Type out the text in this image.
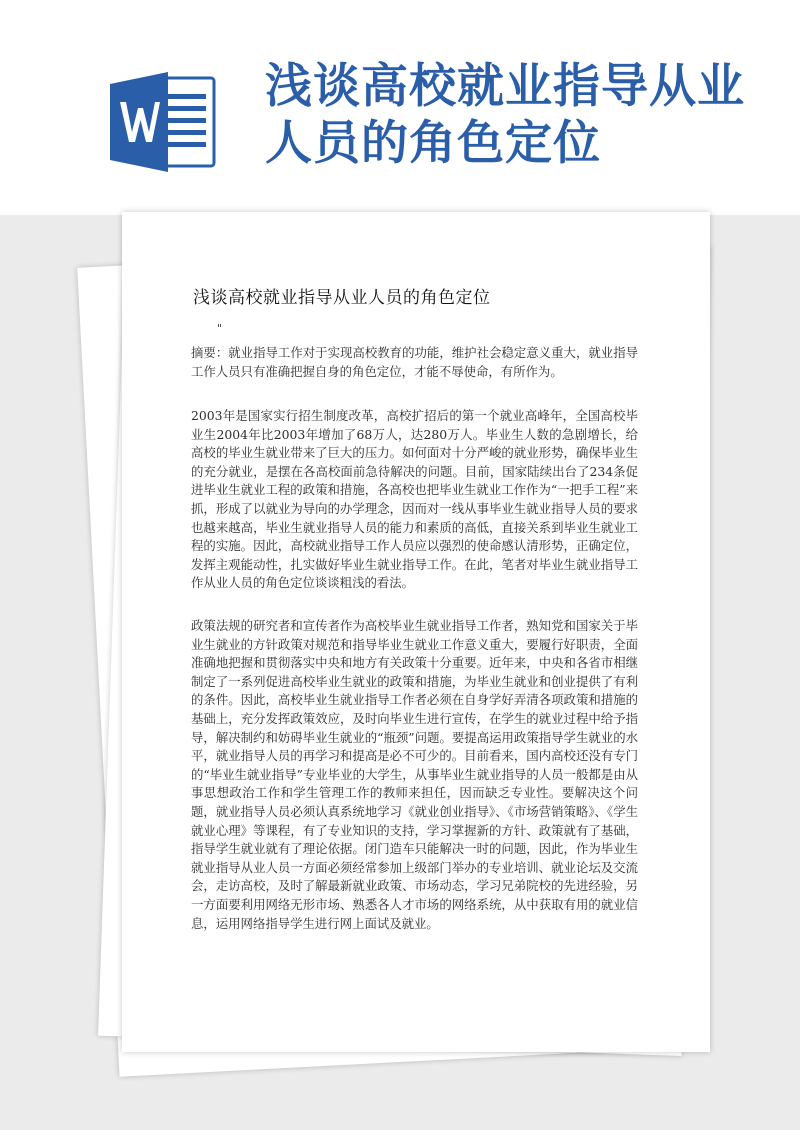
浅谈高校就业指导从业
人员的角色定位
浅谈高校就业指导从业人员的角色定位
"

摘要：就业指导工作对于实现高校教育的功能，维护社会稳定意义重大，就业指导工作人员只有准确把握自身的角色定位，才能不辱使命，有所作为。

2003年是国家实行招生制度改革，高校扩招后的第一个就业高峰年，全国高校毕业生2004年比2003年增加了68万人，达280万人。毕业生人数的急剧增长，给高校的毕业生就业带来了巨大的压力。如何面对十分严峻的就业形势，确保毕业生的充分就业，是摆在各高校面前急待解决的问题。目前，国家陆续出台了234条促进毕业生就业工程的政策和措施，各高校也把毕业生就业工作作为“一把手工程”来抓，形成了以就业为导向的办学理念，因而对一线从事毕业生就业指导人员的要求也越来越高，毕业生就业指导人员的能力和素质的高低，直接关系到毕业生就业工程的实施。因此，高校就业指导工作人员应以强烈的使命感认清形势，正确定位，发挥主观能动性，扎实做好毕业生就业指导工作。在此，笔者对毕业生就业指导工作从业人员的角色定位谈谈粗浅的看法。

政策法规的研究者和宣传者作为高校毕业生就业指导工作者，熟知党和国家关于毕业生就业的方针政策对规范和指导毕业生就业工作意义重大，要履行好职责，全面准确地把握和贯彻落实中央和地方有关政策十分重要。近年来，中央和各省市相继制定了一系列促进高校毕业生就业的政策和措施，为毕业生就业和创业提供了有利的条件。因此，高校毕业生就业指导工作者必须在自身学好弄清各项政策和措施的基础上，充分发挥政策效应，及时向毕业生进行宣传，在学生的就业过程中给予指导，解决制约和妨碍毕业生就业的“瓶颈”问题。要提高运用政策指导学生就业的水平，就业指导人员的再学习和提高是必不可少的。目前看来，国内高校还没有专门的“毕业生就业指导”专业毕业的大学生，从事毕业生就业指导的人员一般都是由从事思想政治工作和学生管理工作的教师来担任，因而缺乏专业性。要解决这个问题，就业指导人员必须认真系统地学习《就业创业指导》、《市场营销策略》、《学生就业心理》等课程，有了专业知识的支持，学习掌握新的方针、政策就有了基础，指导学生就业就有了理论依据。闭门造车只能解决一时的问题，因此，作为毕业生就业指导从业人员一方面必须经常参加上级部门举办的专业培训、就业论坛及交流会，走访高校，及时了解最新就业政策、市场动态，学习兄弟院校的先进经验，另一方面要利用网络无形市场、熟悉各人才市场的网络系统，从中获取有用的就业信息，运用网络指导学生进行网上面试及就业。
